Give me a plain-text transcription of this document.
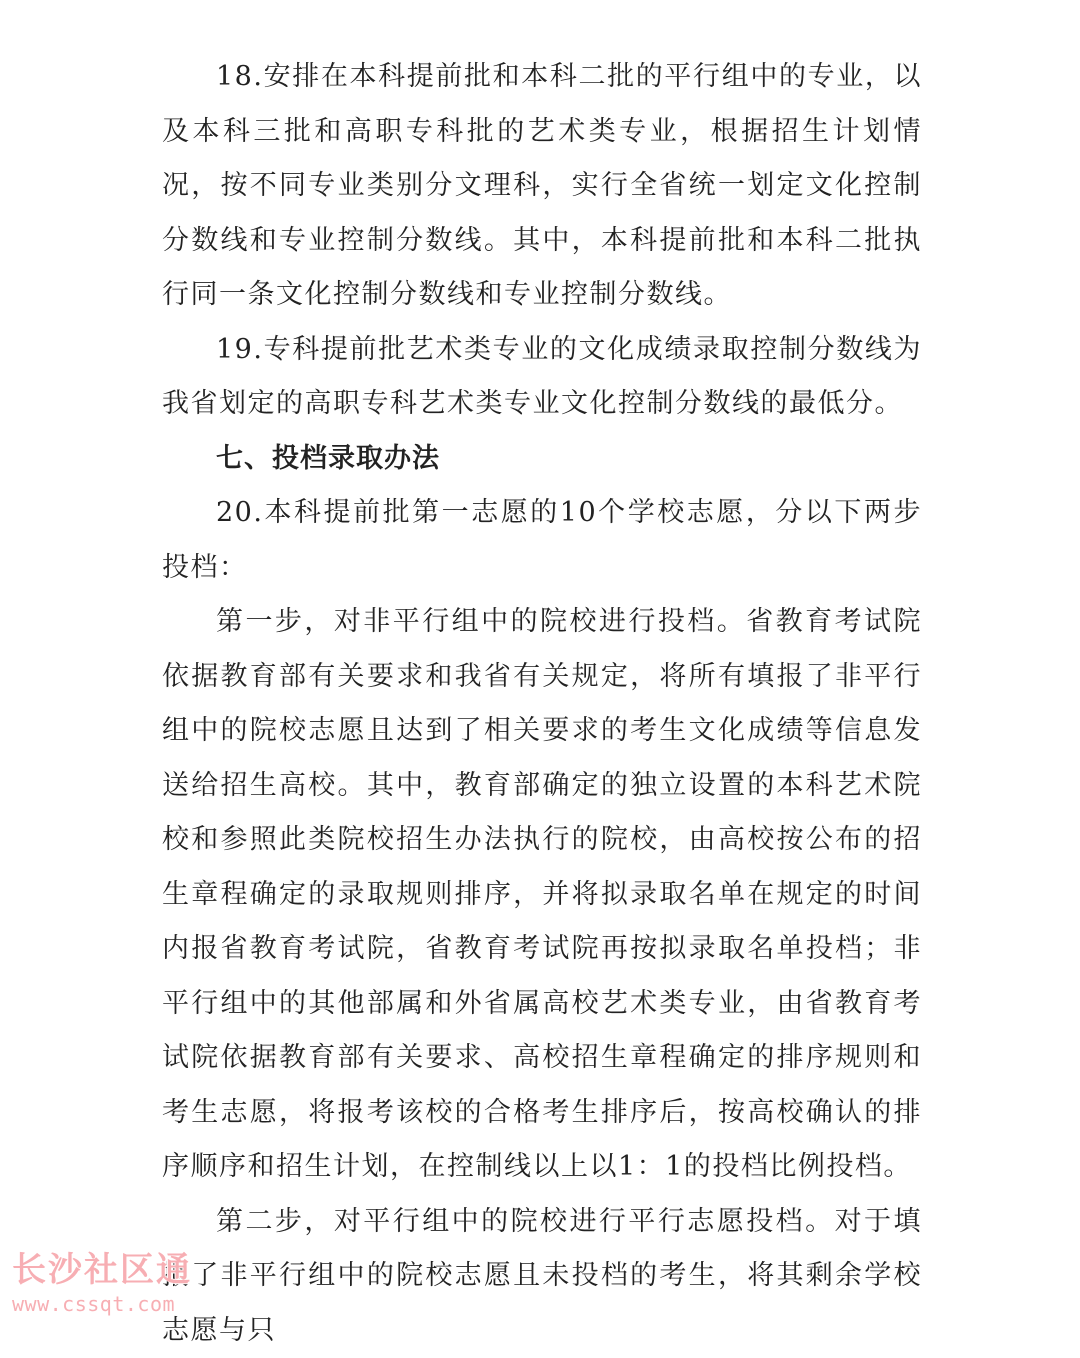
18.安排在本科提前批和本科二批的平行组中的专业，以及本科三批和高职专科批的艺术类专业，根据招生计划情况，按不同专业类别分文理科，实行全省统一划定文化控制分数线和专业控制分数线。其中，本科提前批和本科二批执行同一条文化控制分数线和专业控制分数线。

19.专科提前批艺术类专业的文化成绩录取控制分数线为我省划定的高职专科艺术类专业文化控制分数线的最低分。

七、投档录取办法

20.本科提前批第一志愿的10个学校志愿，分以下两步投档：

第一步，对非平行组中的院校进行投档。省教育考试院依据教育部有关要求和我省有关规定，将所有填报了非平行组中的院校志愿且达到了相关要求的考生文化成绩等信息发送给招生高校。其中，教育部确定的独立设置的本科艺术院校和参照此类院校招生办法执行的院校，由高校按公布的招生章程确定的录取规则排序，并将拟录取名单在规定的时间内报省教育考试院，省教育考试院再按拟录取名单投档；非平行组中的其他部属和外省属高校艺术类专业，由省教育考试院依据教育部有关要求、高校招生章程确定的排序规则和考生志愿，将报考该校的合格考生排序后，按高校确认的排序顺序和招生计划，在控制线以上以1：1的投档比例投档。

第二步，对平行组中的院校进行平行志愿投档。对于填报了非平行组中的院校志愿且未投档的考生，将其剩余学校志愿与只

长沙社区通
www.cssqt.com
